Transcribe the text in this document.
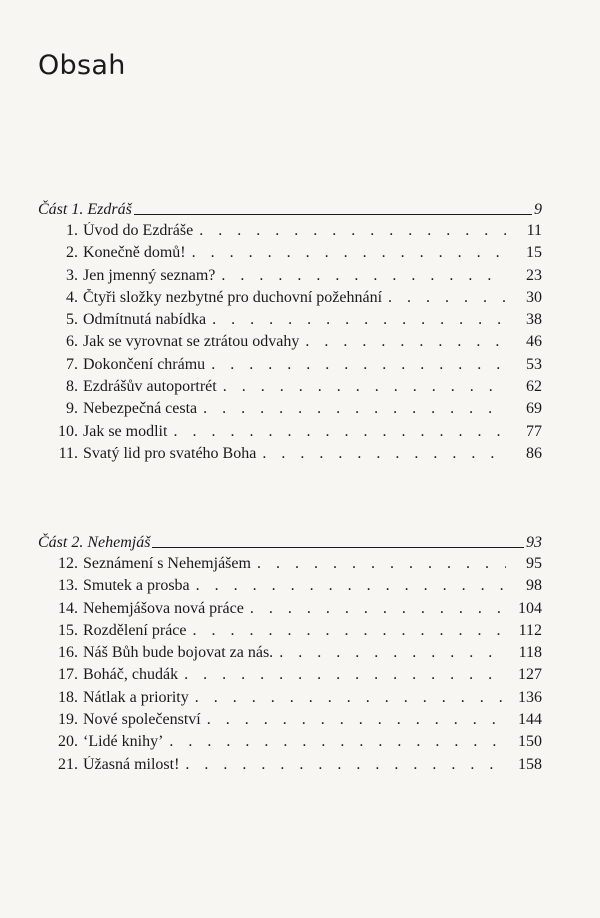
Obsah
Část 1. Ezdráš	9
1. Úvod do Ezdráše . . .	11
2. Konečně domů! . . .	15
3. Jen jmenný seznam? . . .	23
4. Čtyři složky nezbytné pro duchovní požehnání . . .	30
5. Odmítnutá nabídka . . .	38
6. Jak se vyrovnat se ztrátou odvahy . . .	46
7. Dokončení chrámu . . .	53
8. Ezdrášův autoportrét . . .	62
9. Nebezpečná cesta . . .	69
10. Jak se modlit . . .	77
11. Svatý lid pro svatého Boha . . .	86
Část 2. Nehemjáš	93
12. Seznámení s Nehemjášem . . .	95
13. Smutek a prosba . . .	98
14. Nehemjášova nová práce . . .	104
15. Rozdělení práce . . .	112
16. Náš Bůh bude bojovat za nás. . . .	118
17. Boháč, chudák . . .	127
18. Nátlak a priority . . .	136
19. Nové společenství . . .	144
20. ‘Lidé knihy’ . . .	150
21. Úžasná milost! . . .	158
